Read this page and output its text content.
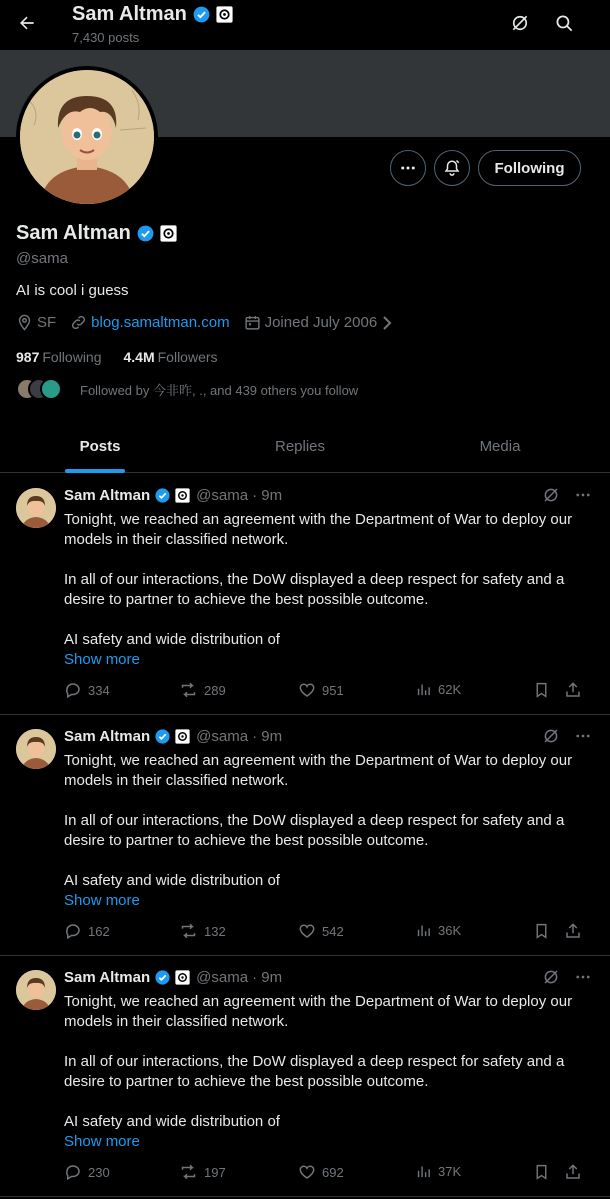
Sam Altman
7,430 posts
Following
Sam Altman
@sama
AI is cool i guess
SF blog.samaltman.com Joined July 2006
987 Following 4.4M Followers
Followed by 今非昨, ., and 439 others you follow
Posts	Replies	Media
Sam Altman	@sama · 9m

Tonight, we reached an agreement with the Department of War to deploy our models in their classified network.

In all of our interactions, the DoW displayed a deep respect for safety and a desire to partner to achieve the best possible outcome.

AI safety and wide distribution of

Show more
334	289	951	62K
Sam Altman	@sama · 9m

Tonight, we reached an agreement with the Department of War to deploy our models in their classified network.

In all of our interactions, the DoW displayed a deep respect for safety and a desire to partner to achieve the best possible outcome.

AI safety and wide distribution of

Show more
162	132	542	36K
Sam Altman	@sama · 9m

Tonight, we reached an agreement with the Department of War to deploy our models in their classified network.

In all of our interactions, the DoW displayed a deep respect for safety and a desire to partner to achieve the best possible outcome.

AI safety and wide distribution of

Show more
230	197	692	37K
